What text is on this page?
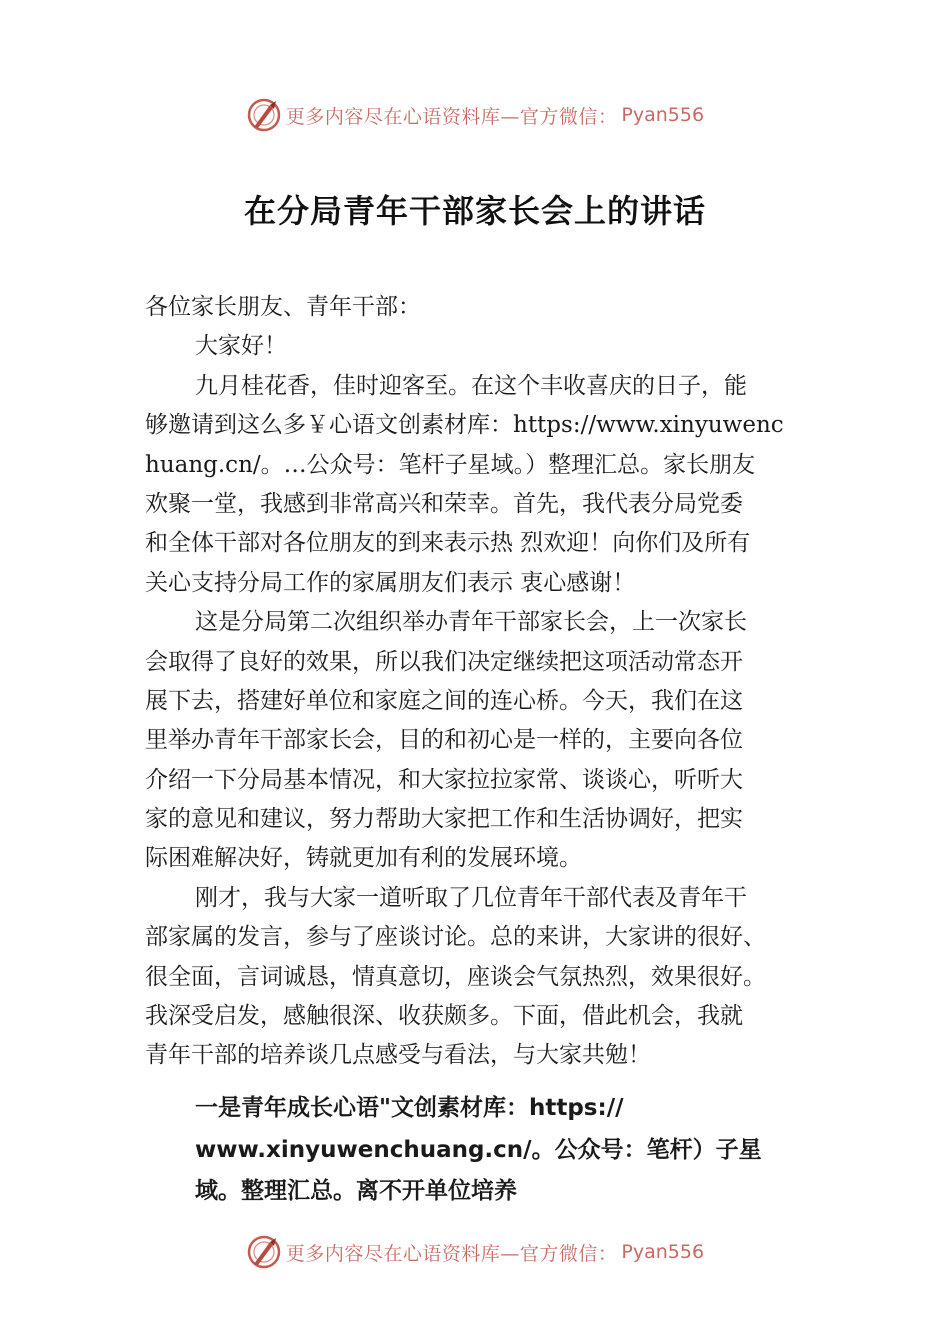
更多内容尽在心语资料库—官方微信： Pyan556
在分局青年干部家长会上的讲话
各位家长朋友、青年干部：
大家好！
九月桂花香，佳时迎客至。在这个丰收喜庆的日子，能
够邀请到这么多￥心语文创素材库：https://www.xinyuwenc
huang.cn/。…公众号：笔杆子星域。）整理汇总。家长朋友
欢聚一堂，我感到非常高兴和荣幸。首先，我代表分局党委
和全体干部对各位朋友的到来表示热 烈欢迎！向你们及所有
关心支持分局工作的家属朋友们表示 衷心感谢！
这是分局第二次组织举办青年干部家长会，上一次家长
会取得了良好的效果，所以我们决定继续把这项活动常态开
展下去，搭建好单位和家庭之间的连心桥。今天，我们在这
里举办青年干部家长会，目的和初心是一样的，主要向各位
介绍一下分局基本情况，和大家拉拉家常、谈谈心，听听大
家的意见和建议，努力帮助大家把工作和生活协调好，把实
际困难解决好，铸就更加有利的发展环境。
刚才，我与大家一道听取了几位青年干部代表及青年干
部家属的发言，参与了座谈讨论。总的来讲，大家讲的很好、
很全面，言词诚恳，情真意切，座谈会气氛热烈，效果很好。
我深受启发，感触很深、收获颇多。下面，借此机会，我就
青年干部的培养谈几点感受与看法，与大家共勉！
一是青年成长心语"文创素材库：https://
www.xinyuwenchuang.cn/。公众号：笔杆）子星
域。整理汇总。离不开单位培养
更多内容尽在心语资料库—官方微信： Pyan556
